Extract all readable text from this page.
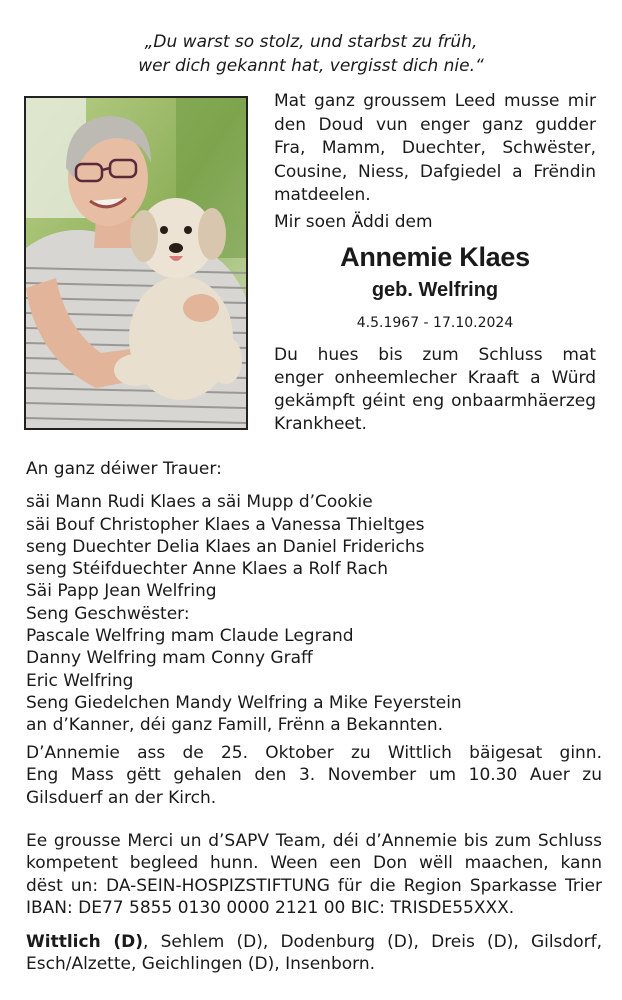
„Du warst so stolz, und starbst zu früh,
wer dich gekannt hat, vergisst dich nie.“
Mat ganz groussem Leed musse mir
den Doud vun enger ganz gudder
Fra, Mamm, Duechter, Schwëster,
Cousine, Niess, Dafgiedel a Frëndin
matdeelen.
Mir soen Äddi dem
Annemie Klaes
geb. Welfring
4.5.1967 - 17.10.2024
Du hues bis zum Schluss mat
enger onheemlecher Kraaft a Würd
gekämpft géint eng onbaarmhäerzeg
Krankheet.
An ganz déiwer Trauer:
säi Mann Rudi Klaes a säi Mupp d’Cookie
säi Bouf Christopher Klaes a Vanessa Thieltges
seng Duechter Delia Klaes an Daniel Friderichs
seng Stéifduechter Anne Klaes a Rolf Rach
Säi Papp Jean Welfring
Seng Geschwëster:
Pascale Welfring mam Claude Legrand
Danny Welfring mam Conny Graff
Eric Welfring
Seng Giedelchen Mandy Welfring a Mike Feyerstein
an d’Kanner, déi ganz Famill, Frënn a Bekannten.
D’Annemie ass de 25. Oktober zu Wittlich bäigesat ginn.
Eng Mass gëtt gehalen den 3. November um 10.30 Auer zu
Gilsduerf an der Kirch.
Ee grousse Merci un d’SAPV Team, déi d’Annemie bis zum Schluss
kompetent begleed hunn. Ween een Don wëll maachen, kann
dëst un: DA-SEIN-HOSPIZSTIFTUNG für die Region Sparkasse Trier
IBAN: DE77 5855 0130 0000 2121 00 BIC: TRISDE55XXX.
Wittlich (D), Sehlem (D), Dodenburg (D), Dreis (D), Gilsdorf,
Esch/Alzette, Geichlingen (D), Insenborn.
